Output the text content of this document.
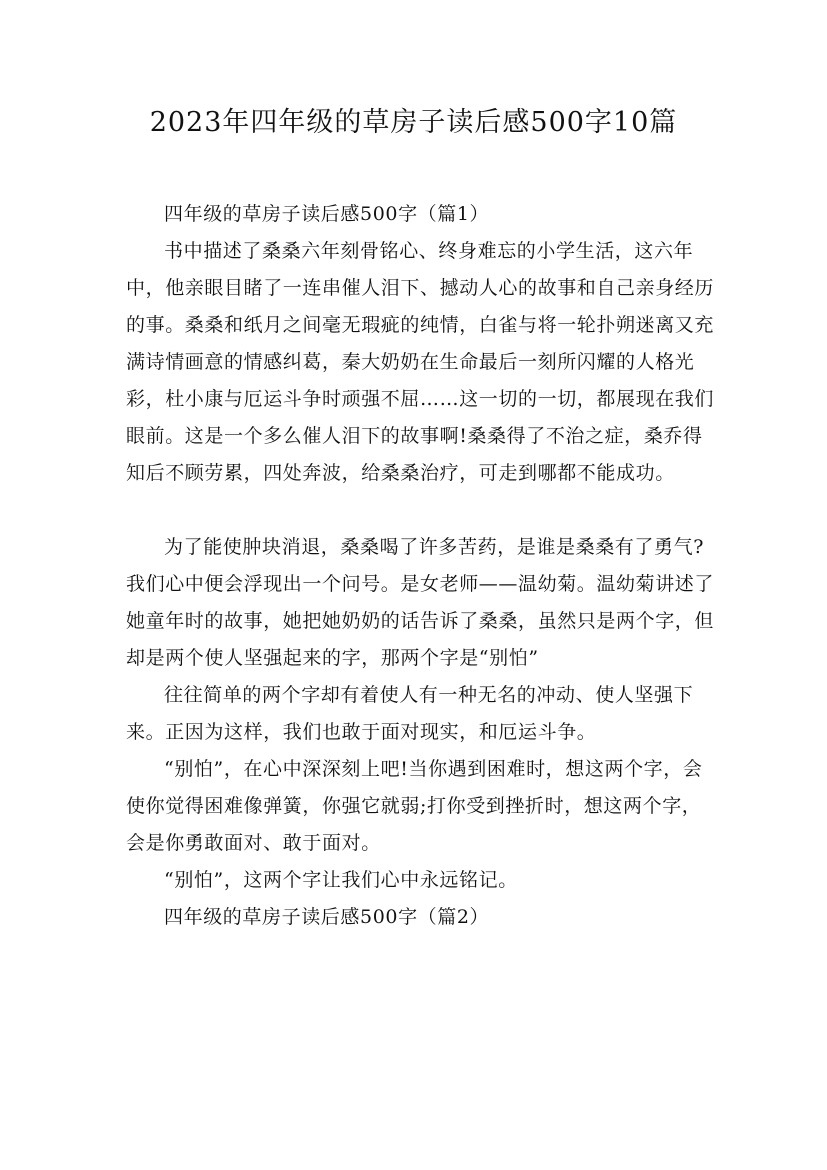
2023年四年级的草房子读后感500字10篇

四年级的草房子读后感500字（篇1）

书中描述了桑桑六年刻骨铭心、终身难忘的小学生活，这六年中，他亲眼目睹了一连串催人泪下、撼动人心的故事和自己亲身经历的事。桑桑和纸月之间毫无瑕疵的纯情，白雀与将一轮扑朔迷离又充满诗情画意的情感纠葛，秦大奶奶在生命最后一刻所闪耀的人格光彩，杜小康与厄运斗争时顽强不屈……这一切的一切，都展现在我们眼前。这是一个多么催人泪下的故事啊!桑桑得了不治之症，桑乔得知后不顾劳累，四处奔波，给桑桑治疗，可走到哪都不能成功。

为了能使肿块消退，桑桑喝了许多苦药，是谁是桑桑有了勇气?我们心中便会浮现出一个问号。是女老师——温幼菊。温幼菊讲述了她童年时的故事，她把她奶奶的话告诉了桑桑，虽然只是两个字，但却是两个使人坚强起来的字，那两个字是“别怕”

往往简单的两个字却有着使人有一种无名的冲动、使人坚强下来。正因为这样，我们也敢于面对现实，和厄运斗争。

“别怕”，在心中深深刻上吧!当你遇到困难时，想这两个字，会使你觉得困难像弹簧，你强它就弱;打你受到挫折时，想这两个字，会是你勇敢面对、敢于面对。

“别怕”，这两个字让我们心中永远铭记。

四年级的草房子读后感500字（篇2）
